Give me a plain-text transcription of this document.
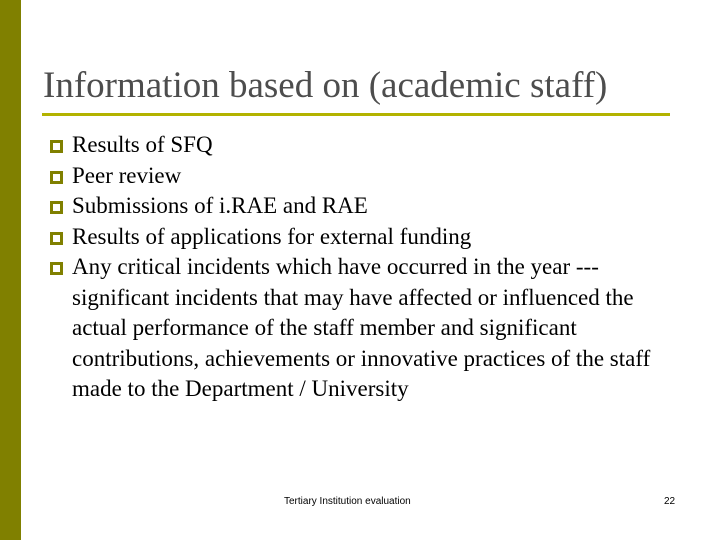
Information based on (academic staff)
Results of SFQ
Peer review
Submissions of i.RAE and RAE
Results of applications for external funding
Any critical incidents which have occurred in the year --- significant incidents that may have affected or influenced the actual performance of the staff member and significant contributions, achievements or innovative practices of the staff made to the Department / University
Tertiary Institution evaluation	22
